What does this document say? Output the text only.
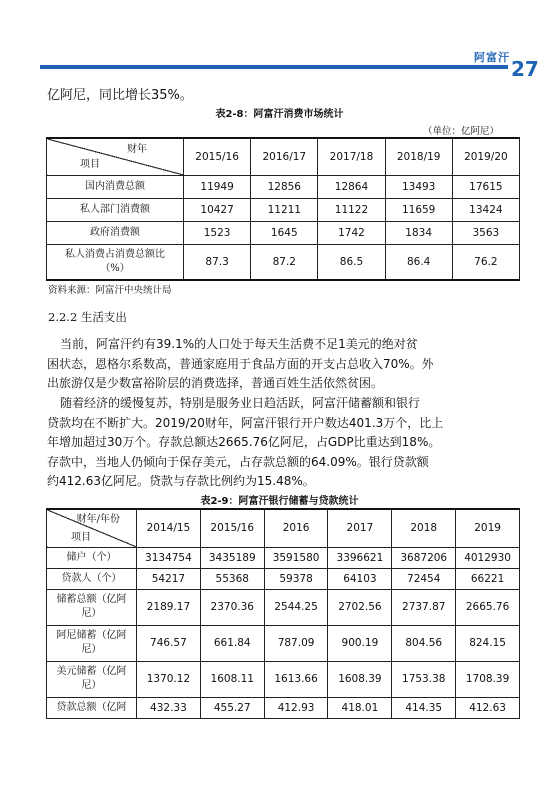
阿富汗 27
亿阿尼，同比增长35%。
表2-8：阿富汗消费市场统计
（单位：亿阿尼）
财年
项目	2015/16	2016/17	2017/18	2018/19	2019/20
国内消费总额	11949	12856	12864	13493	17615
私人部门消费额	10427	11211	11122	11659	13424
政府消费额	1523	1645	1742	1834	3563

私人消费占消费总额比
（%）	87.3	87.2	86.5	86.4	76.2
资料来源：阿富汗中央统计局
2.2.2 生活支出
当前，阿富汗约有39.1%的人口处于每天生活费不足1美元的绝对贫
困状态，恩格尔系数高，普通家庭用于食品方面的开支占总收入70%。外
出旅游仅是少数富裕阶层的消费选择，普通百姓生活依然贫困。
随着经济的缓慢复苏，特别是服务业日趋活跃，阿富汗储蓄额和银行
贷款均在不断扩大。2019/20财年，阿富汗银行开户数达401.3万个，比上
年增加超过30万个。存款总额达2665.76亿阿尼，占GDP比重达到18%。
存款中，当地人仍倾向于保存美元，占存款总额的64.09%。银行贷款额
约412.63亿阿尼。贷款与存款比例约为15.48%。
表2-9：阿富汗银行储蓄与贷款统计
财年/年份
项目	2014/15	2015/16	2016	2017	2018	2019

储户（个）	3134754	3435189	3591580	3396621	3687206	4012930

贷款人（个）	54217	55368	59378	64103	72454	66221

储蓄总额（亿阿
尼）	2189.17	2370.36	2544.25	2702.56	2737.87	2665.76

阿尼储蓄（亿阿
尼）	746.57	661.84	787.09	900.19	804.56	824.15

美元储蓄（亿阿
尼）	1370.12	1608.11	1613.66	1608.39	1753.38	1708.39

贷款总额（亿阿	432.33	455.27	412.93	418.01	414.35	412.63
